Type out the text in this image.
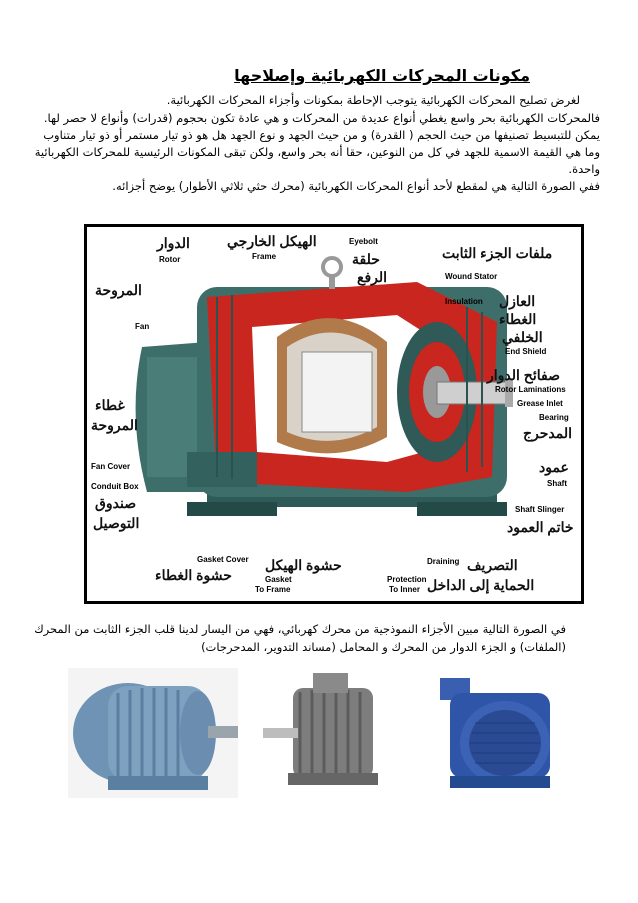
مكونات المحركات الكهربائية وإصلاحها
لغرض تصليح المحركات الكهربائية يتوجب الإحاطة بمكونات وأجزاء المحركات الكهربائية.
فالمحركات الكهربائية بحر واسع يغطي أنواع عديدة من المحركات و هي عادة تكون بحجوم (قدرات) وأنواع لا حصر لها.
يمكن للتبسيط تصنيفها من حيث الحجم ( القدرة) و من حيث الجهد و نوع الجهد هل هو ذو تيار مستمر أو ذو تيار متناوب
وما هي القيمة الاسمية للجهد في كل من النوعين، حقا أنه بحر واسع، ولكن تبقى المكونات الرئيسية للمحركات الكهربائية
واحدة.
ففي الصورة التالية هي لمقطع لأحد أنواع المحركات الكهربائية (محرك حثي ثلاثي الأطوار) يوضح أجزائه.
الدوار
Rotor
الهيكل الخارجي
Frame
Eyebolt
حلقة
الرفع
ملفات الجزء الثابت
Wound Stator
Insulation العازل
الغطاء
الخلفي
End Shield
المروحة
Fan
غطاء
المروحة
Fan Cover
Conduit Box
صندوق
التوصيل
صفائح الدوار
Rotor Laminations
Grease Inlet
Bearing
المدحرج
عمود
Shaft
Shaft Slinger
خاتم العمود
Gasket Cover
حشوة الغطاء	Gasket
To Frame
حشوة الهيكل
Protection
To Inner
Draining التصريف
الحماية إلى الداخل
في الصورة التالية مبين الأجزاء النموذجية من محرك كهربائي، فهي من اليسار لدينا قلب الجزء الثابت من المحرك
(الملفات) و الجزء الدوار من المحرك و المحامل (مساند التدوير، المدحرجات)
